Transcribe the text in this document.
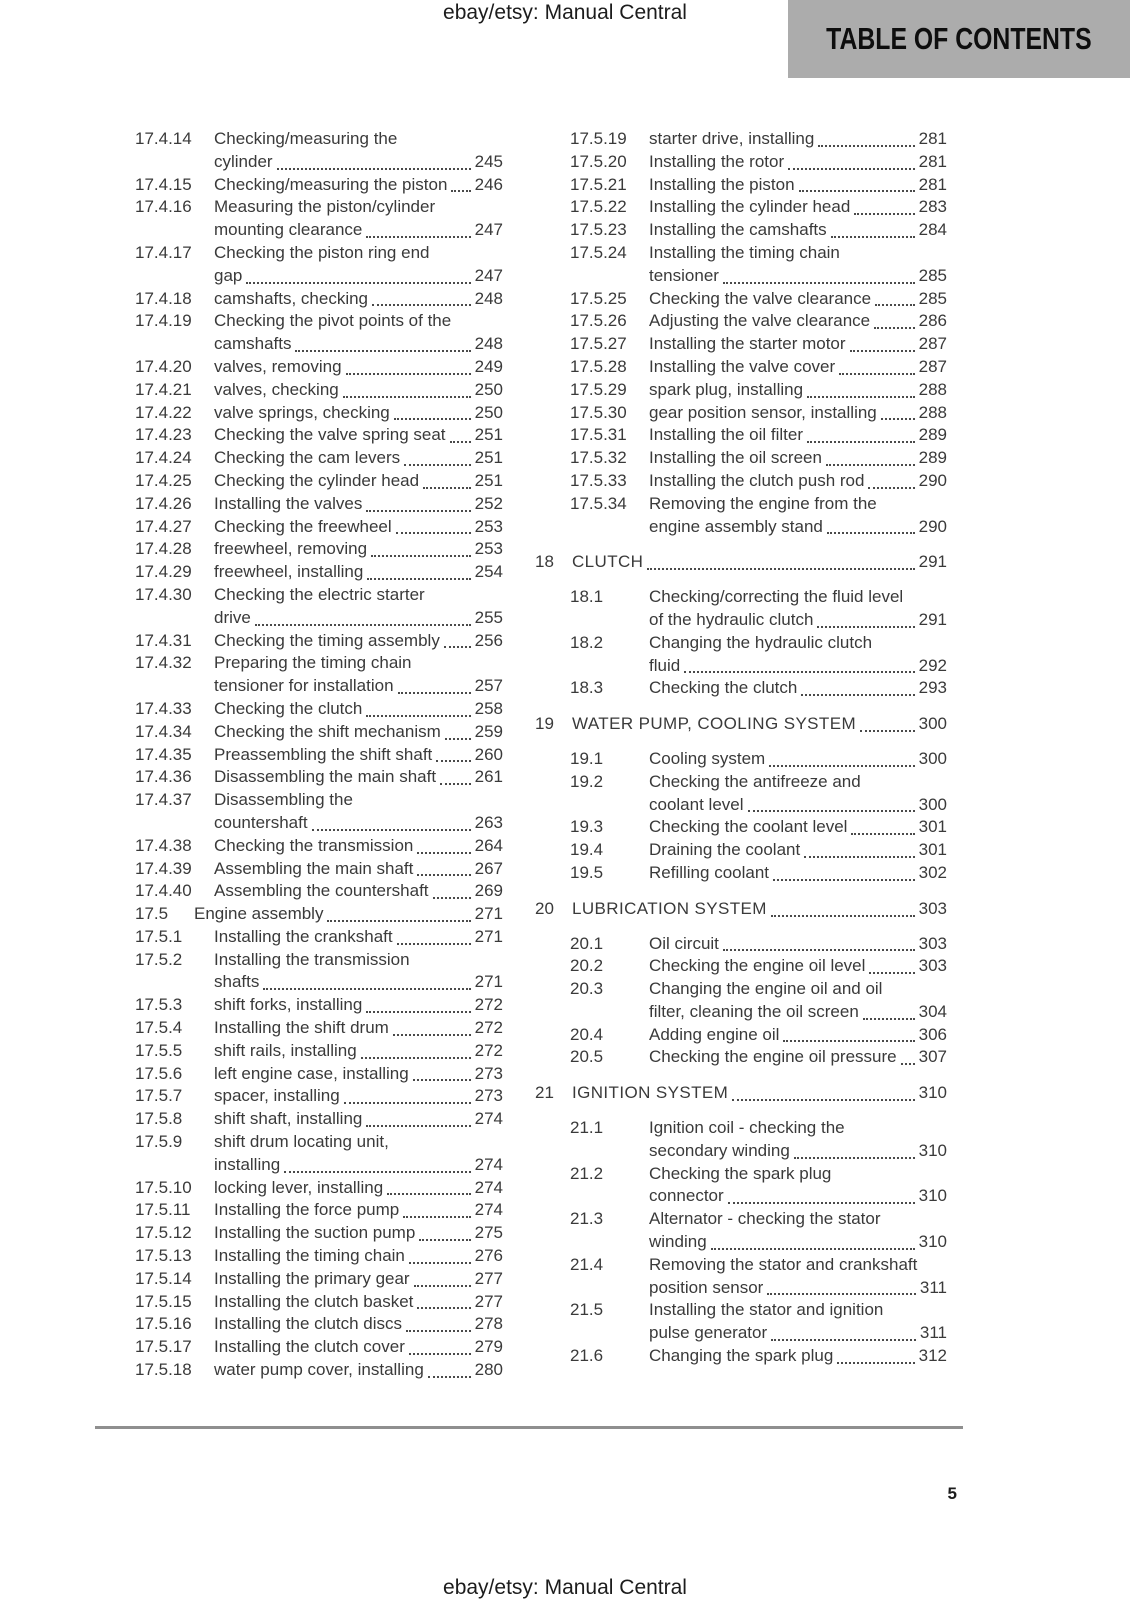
ebay/etsy: Manual Central
TABLE OF CONTENTS
17.4.14	Checking/measuring the
cylinder	245
17.4.15	Checking/measuring the piston 246
17.4.16	Measuring the piston/cylinder
mounting clearance	247
17.4.17	Checking the piston ring end
gap	247
17.4.18	camshafts, checking	248
17.4.19	Checking the pivot points of the
camshafts	248
17.4.20	valves, removing	249
17.4.21	valves, checking	250
17.4.22	valve springs, checking	250
17.4.23	Checking the valve spring seat 251
17.4.24	Checking the cam levers	251
17.4.25	Checking the cylinder head	251
17.4.26	Installing the valves	252
17.4.27	Checking the freewheel	253
17.4.28	freewheel, removing	253
17.4.29	freewheel, installing	254
17.4.30	Checking the electric starter
drive	255
17.4.31	Checking the timing assembly 256
17.4.32	Preparing the timing chain
tensioner for installation	257
17.4.33	Checking the clutch	258
17.4.34	Checking the shift mechanism 259
17.4.35	Preassembling the shift shaft 260
17.4.36	Disassembling the main shaft 261
17.4.37	Disassembling the
countershaft	263
17.4.38	Checking the transmission	264
17.4.39	Assembling the main shaft	267
17.4.40	Assembling the countershaft	269
17.5	Engine assembly	271
17.5.1	Installing the crankshaft	271
17.5.2	Installing the transmission
shafts	271
17.5.3	shift forks, installing	272
17.5.4	Installing the shift drum	272
17.5.5	shift rails, installing	272
17.5.6	left engine case, installing	273
17.5.7	spacer, installing	273
17.5.8	shift shaft, installing	274
17.5.9	shift drum locating unit,
installing	274
17.5.10	locking lever, installing	274
17.5.11	Installing the force pump	274
17.5.12	Installing the suction pump	275
17.5.13	Installing the timing chain	276
17.5.14	Installing the primary gear	277
17.5.15	Installing the clutch basket	277
17.5.16	Installing the clutch discs	278
17.5.17	Installing the clutch cover	279
17.5.18	water pump cover, installing	280
17.5.19	starter drive, installing	281
17.5.20	Installing the rotor	281
17.5.21	Installing the piston	281
17.5.22	Installing the cylinder head	283
17.5.23	Installing the camshafts	284
17.5.24	Installing the timing chain
tensioner	285
17.5.25	Checking the valve clearance	285
17.5.26	Adjusting the valve clearance	286
17.5.27	Installing the starter motor	287
17.5.28	Installing the valve cover	287
17.5.29	spark plug, installing	288
17.5.30	gear position sensor, installing 288
17.5.31	Installing the oil filter	289
17.5.32	Installing the oil screen	289
17.5.33	Installing the clutch push rod	290
17.5.34	Removing the engine from the
engine assembly stand	290
18	CLUTCH	291
18.1	Checking/correcting the fluid level
of the hydraulic clutch	291
18.2	Changing the hydraulic clutch
fluid	292
18.3	Checking the clutch	293
19	WATER PUMP, COOLING SYSTEM	300
19.1	Cooling system	300
19.2	Checking the antifreeze and
coolant level	300
19.3	Checking the coolant level	301
19.4	Draining the coolant	301
19.5	Refilling coolant	302
20	LUBRICATION SYSTEM	303
20.1	Oil circuit	303
20.2	Checking the engine oil level	303
20.3	Changing the engine oil and oil
filter, cleaning the oil screen	304
20.4	Adding engine oil	306
20.5	Checking the engine oil pressure 307
21	IGNITION SYSTEM	310
21.1	Ignition coil - checking the
secondary winding	310
21.2	Checking the spark plug
connector	310
21.3	Alternator - checking the stator
winding	310
21.4	Removing the stator and crankshaft
position sensor	311
21.5	Installing the stator and ignition
pulse generator	311
21.6	Changing the spark plug	312
5
ebay/etsy: Manual Central
